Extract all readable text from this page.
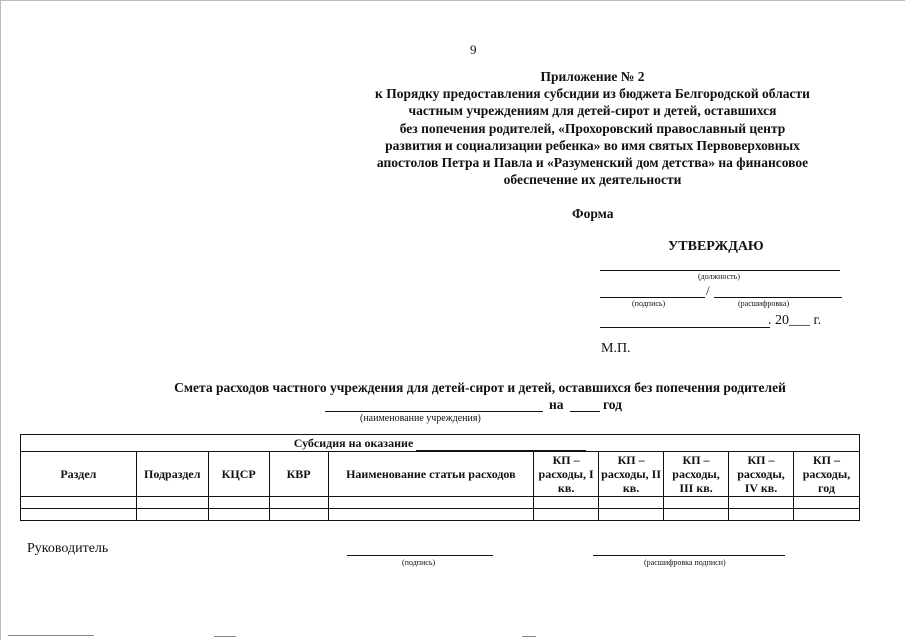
9
Приложение № 2
к Порядку предоставления субсидии из бюджета Белгородской области
частным учреждениям для детей-сирот и детей, оставшихся
без попечения родителей, «Прохоровский православный центр
развития и социализации ребенка» во имя святых Первоверховных
апостолов Петра и Павла и «Разуменский дом детства» на финансовое
обеспечение их деятельности
Форма
УТВЕРЖДАЮ
(должность)
/
(подпись)	(расшифровка)
. 20___ г.
М.П.
Смета расходов частного учреждения для детей-сирот и детей, оставшихся без попечения родителей
на	год
(наименование учреждения)
Субсидия на оказание									
Раздел	Подраздел	КЦСР	КВР	Наименование статьи расходов	КП – расходы, I кв.	КП – расходы, II кв.	КП – расходы, III кв.	КП – расходы, IV кв.	КП – расходы, год

Руководитель
(подпись)	(расшифровка подписи)
